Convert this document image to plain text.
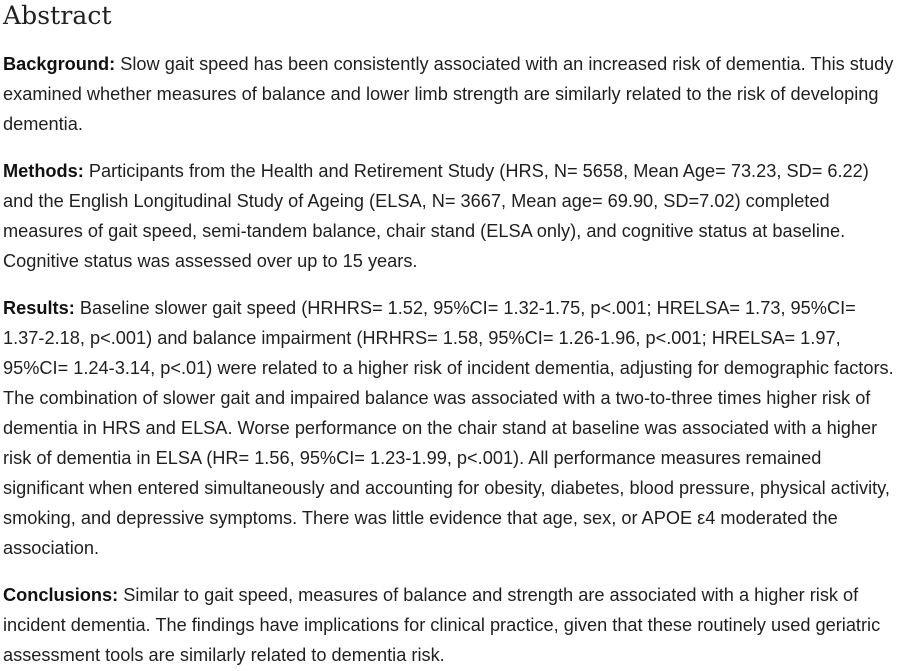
Abstract

Background: Slow gait speed has been consistently associated with an increased risk of dementia. This study examined whether measures of balance and lower limb strength are similarly related to the risk of developing dementia.

Methods: Participants from the Health and Retirement Study (HRS, N= 5658, Mean Age= 73.23, SD= 6.22) and the English Longitudinal Study of Ageing (ELSA, N= 3667, Mean age= 69.90, SD=7.02) completed measures of gait speed, semi-tandem balance, chair stand (ELSA only), and cognitive status at baseline. Cognitive status was assessed over up to 15 years.

Results: Baseline slower gait speed (HRHRS= 1.52, 95%CI= 1.32-1.75, p<.001; HRELSA= 1.73, 95%CI= 1.37-2.18, p<.001) and balance impairment (HRHRS= 1.58, 95%CI= 1.26-1.96, p<.001; HRELSA= 1.97, 95%CI= 1.24-3.14, p<.01) were related to a higher risk of incident dementia, adjusting for demographic factors. The combination of slower gait and impaired balance was associated with a two-to-three times higher risk of dementia in HRS and ELSA. Worse performance on the chair stand at baseline was associated with a higher risk of dementia in ELSA (HR= 1.56, 95%CI= 1.23-1.99, p<.001). All performance measures remained significant when entered simultaneously and accounting for obesity, diabetes, blood pressure, physical activity, smoking, and depressive symptoms. There was little evidence that age, sex, or APOE ε4 moderated the association.

Conclusions: Similar to gait speed, measures of balance and strength are associated with a higher risk of incident dementia. The findings have implications for clinical practice, given that these routinely used geriatric assessment tools are similarly related to dementia risk.
